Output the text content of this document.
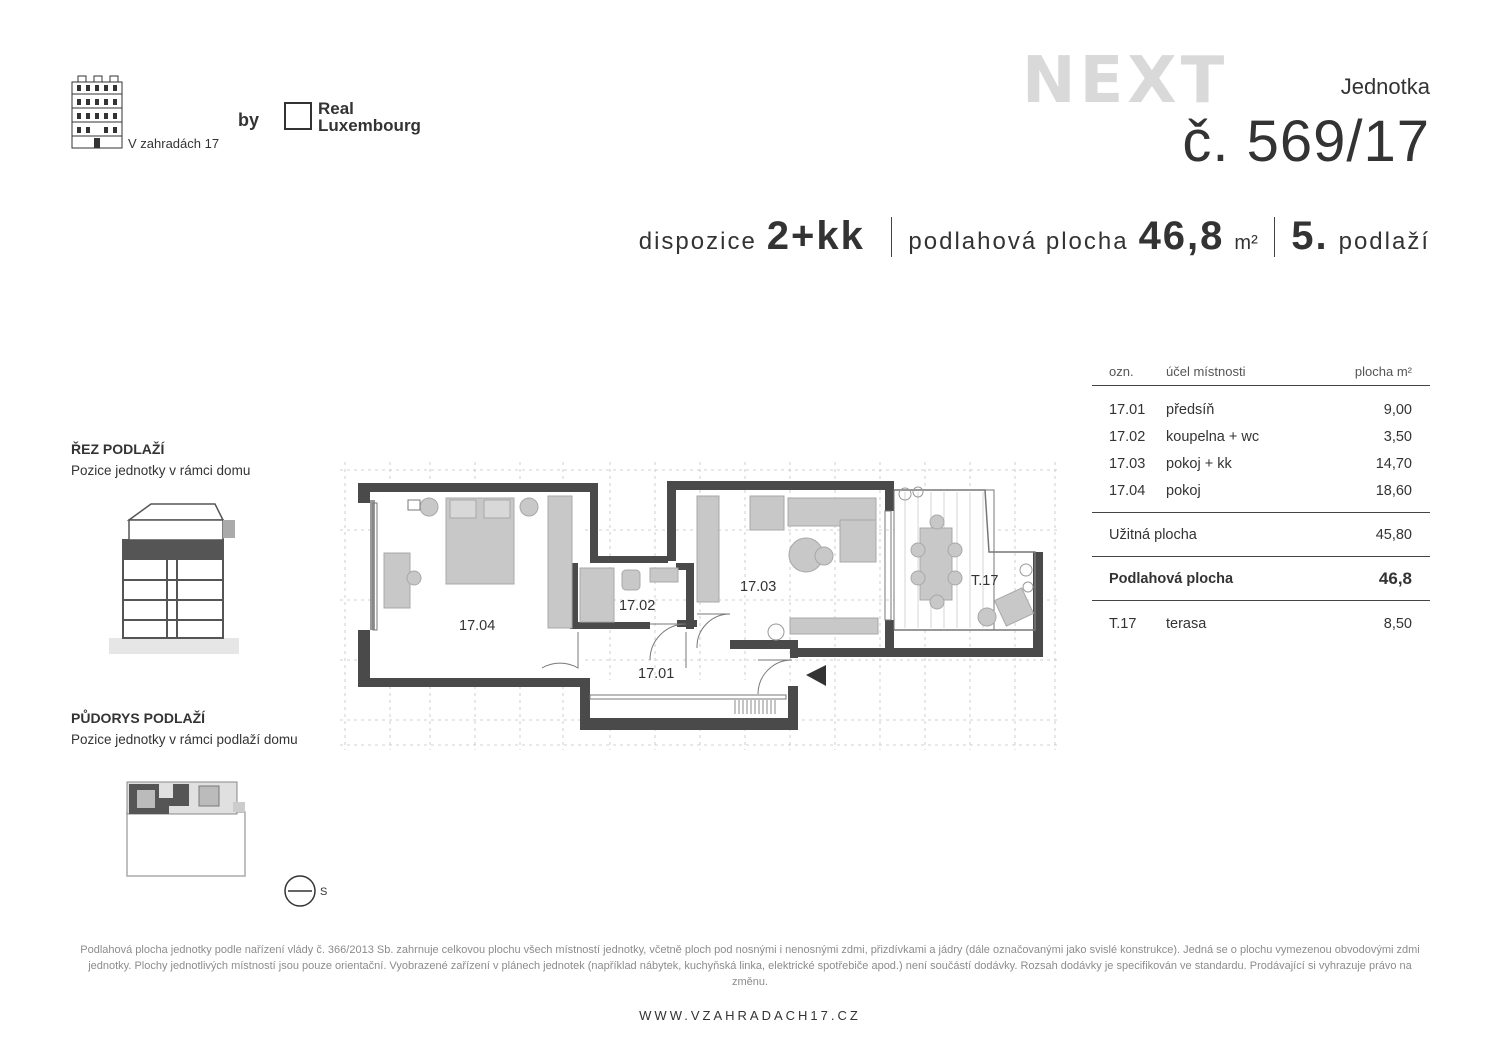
V zahradách 17
by
Real
Luxembourg
NEXT	Jednotka
č. 569/17
dispozice 2+kk podlahová plocha 46,8 m² 5. podlaží
ŘEZ PODLAŽÍ
Pozice jednotky v rámci domu
PŮDORYS PODLAŽÍ
Pozice jednotky v rámci podlaží domu
S
17.04
17.02
17.03
17.01
T.17
ozn.	účel místnosti	plocha m²
17.01	předsíň	9,00
17.02	koupelna + wc	3,50
17.03	pokoj + kk	14,70
17.04	pokoj	18,60
Užitná plocha	45,80
Podlahová plocha	46,8
T.17	terasa	8,50
Podlahová plocha jednotky podle nařízení vlády č. 366/2013 Sb. zahrnuje celkovou plochu všech místností jednotky, včetně ploch pod nosnými i nenosnými zdmi, přizdívkami a jádry (dále označovanými jako svislé konstrukce). Jedná se o plochu vymezenou obvodovými zdmi jednotky. Plochy jednotlivých místností jsou pouze orientační. Vyobrazené zařízení v plánech jednotek (například nábytek, kuchyňská linka, elektrické spotřebiče apod.) není součástí dodávky. Rozsah dodávky je specifikován ve standardu. Prodávající si vyhrazuje právo na změnu.
WWW.VZAHRADACH17.CZ
